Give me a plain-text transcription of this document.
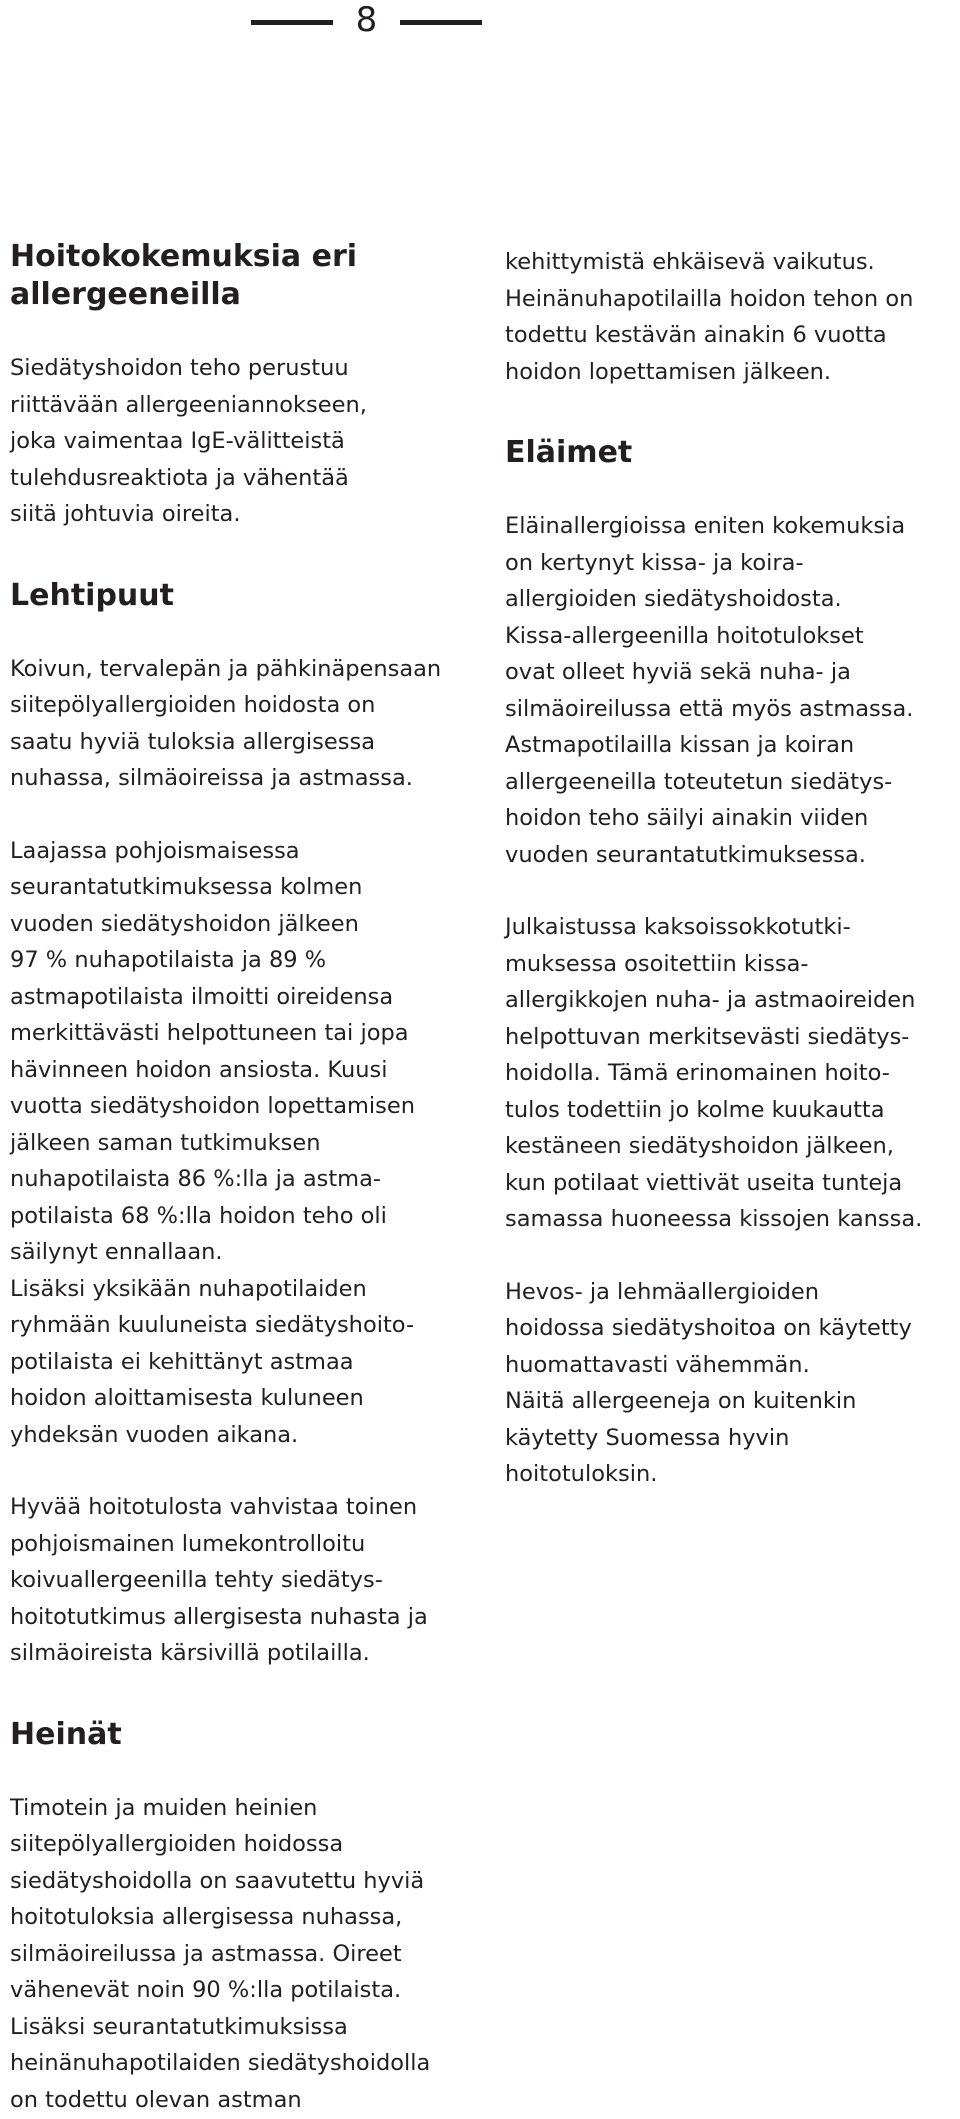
8
Hoitokokemuksia eri
allergeeneilla

Siedätyshoidon teho perustuu
riittävään allergeeniannokseen,
joka vaimentaa IgE-välitteistä
tulehdusreaktiota ja vähentää
siitä johtuvia oireita.

Lehtipuut

Koivun, tervalepän ja pähkinäpensaan
siitepölyallergioiden hoidosta on
saatu hyviä tuloksia allergisessa
nuhassa, silmäoireissa ja astmassa.

Laajassa pohjoismaisessa
seurantatutkimuksessa kolmen
vuoden siedätyshoidon jälkeen
97 % nuhapotilaista ja 89 %
astmapotilaista ilmoitti oireidensa
merkittävästi helpottuneen tai jopa
hävinneen hoidon ansiosta. Kuusi
vuotta siedätyshoidon lopettamisen
jälkeen saman tutkimuksen
nuhapotilaista 86 %:lla ja astma-
potilaista 68 %:lla hoidon teho oli
säilynyt ennallaan.
Lisäksi yksikään nuhapotilaiden
ryhmään kuuluneista siedätyshoito-
potilaista ei kehittänyt astmaa
hoidon aloittamisesta kuluneen
yhdeksän vuoden aikana.

Hyvää hoitotulosta vahvistaa toinen
pohjoismainen lumekontrolloitu
koivuallergeenilla tehty siedätys-
hoitotutkimus allergisesta nuhasta ja
silmäoireista kärsivillä potilailla.

Heinät

Timotein ja muiden heinien
siitepölyallergioiden hoidossa
siedätyshoidolla on saavutettu hyviä
hoitotuloksia allergisessa nuhassa,
silmäoireilussa ja astmassa. Oireet
vähenevät noin 90 %:lla potilaista.
Lisäksi seurantatutkimuksissa
heinänuhapotilaiden siedätyshoidolla
on todettu olevan astman

kehittymistä ehkäisevä vaikutus.
Heinänuhapotilailla hoidon tehon on
todettu kestävän ainakin 6 vuotta
hoidon lopettamisen jälkeen.

Eläimet

Eläinallergioissa eniten kokemuksia
on kertynyt kissa- ja koira-
allergioiden siedätyshoidosta.
Kissa-allergeenilla hoitotulokset
ovat olleet hyviä sekä nuha- ja
silmäoireilussa että myös astmassa.
Astmapotilailla kissan ja koiran
allergeeneilla toteutetun siedätys-
hoidon teho säilyi ainakin viiden
vuoden seurantatutkimuksessa.

Julkaistussa kaksoissokkotutki-
muksessa osoitettiin kissa-
allergikkojen nuha- ja astmaoireiden
helpottuvan merkitsevästi siedätys-
hoidolla. Tämä erinomainen hoito-
tulos todettiin jo kolme kuukautta
kestäneen siedätyshoidon jälkeen,
kun potilaat viettivät useita tunteja
samassa huoneessa kissojen kanssa.

Hevos- ja lehmäallergioiden
hoidossa siedätyshoitoa on käytetty
huomattavasti vähemmän.
Näitä allergeeneja on kuitenkin
käytetty Suomessa hyvin
hoitotuloksin.
